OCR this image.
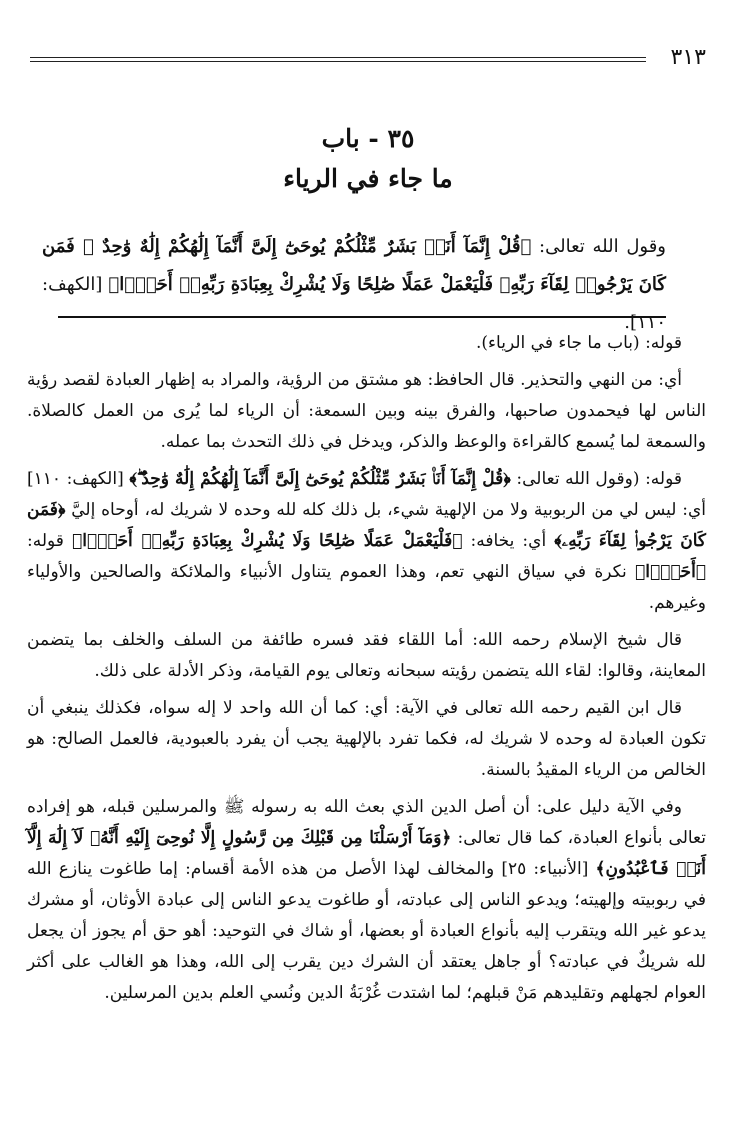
٣١٣
٣٥ - باب
ما جاء في الرياء
وقول الله تعالى: ﴿قُلْ إِنَّمَآ أَنَا۠ بَشَرٌ مِّثْلُكُمْ يُوحَىٰٓ إِلَىَّ أَنَّمَآ إِلَٰهُكُمْ إِلَٰهٌ وَٰحِدٌ ۖ فَمَن كَانَ يَرْجُوا۟ لِقَآءَ رَبِّهِۦ فَلْيَعْمَلْ عَمَلًا صَٰلِحًا وَلَا يُشْرِكْ بِعِبَادَةِ رَبِّهِۦٓ أَحَدًۢا﴾ [الكهف: ١١٠].

قوله: (باب ما جاء في الرياء).

أي: من النهي والتحذير. قال الحافظ: هو مشتق من الرؤية، والمراد به إظهار العبادة لقصد رؤية الناس لها فيحمدون صاحبها، والفرق بينه وبين السمعة: أن الرياء لما يُرى من العمل كالصلاة. والسمعة لما يُسمع كالقراءة والوعظ والذكر، ويدخل في ذلك التحدث بما عمله.

قوله: (وقول الله تعالى: ﴿قُلْ إِنَّمَآ أَنَا۠ بَشَرٌ مِّثْلُكُمْ يُوحَىٰٓ إِلَىَّ أَنَّمَآ إِلَٰهُكُمْ إِلَٰهٌ وَٰحِدٌ ۖ﴾ [الكهف: ١١٠] أي: ليس لي من الربوبية ولا من الإلهية شيء، بل ذلك كله لله وحده لا شريك له، أوحاه إليَّ ﴿فَمَن كَانَ يَرْجُوا۟ لِقَآءَ رَبِّهِۦ﴾ أي: يخافه: ﴿فَلْيَعْمَلْ عَمَلًا صَٰلِحًا وَلَا يُشْرِكْ بِعِبَادَةِ رَبِّهِۦٓ أَحَدًۢا﴾ قوله: ﴿أَحَدًۢا﴾ نكرة في سياق النهي تعم، وهذا العموم يتناول الأنبياء والملائكة والصالحين والأولياء وغيرهم.

قال شيخ الإسلام رحمه الله: أما اللقاء فقد فسره طائفة من السلف والخلف بما يتضمن المعاينة، وقالوا: لقاء الله يتضمن رؤيته سبحانه وتعالى يوم القيامة، وذكر الأدلة على ذلك.

قال ابن القيم رحمه الله تعالى في الآية: أي: كما أن الله واحد لا إله سواه، فكذلك ينبغي أن تكون العبادة له وحده لا شريك له، فكما تفرد بالإلهية يجب أن يفرد بالعبودية، فالعمل الصالح: هو الخالص من الرياء المقيدُ بالسنة.

وفي الآية دليل على: أن أصل الدين الذي بعث الله به رسوله ﷺ والمرسلين قبله، هو إفراده تعالى بأنواع العبادة، كما قال تعالى: ﴿وَمَآ أَرْسَلْنَا مِن قَبْلِكَ مِن رَّسُولٍ إِلَّا نُوحِىٓ إِلَيْهِ أَنَّهُۥ لَآ إِلَٰهَ إِلَّآ أَنَا۠ فَٱعْبُدُونِ﴾ [الأنبياء: ٢٥] والمخالف لهذا الأصل من هذه الأمة أقسام: إما طاغوت ينازع الله في ربوبيته وإلهيته؛ ويدعو الناس إلى عبادته، أو طاغوت يدعو الناس إلى عبادة الأوثان، أو مشرك يدعو غير الله ويتقرب إليه بأنواع العبادة أو بعضها، أو شاك في التوحيد: أهو حق أم يجوز أن يجعل لله شريكٌ في عبادته؟ أو جاهل يعتقد أن الشرك دين يقرب إلى الله، وهذا هو الغالب على أكثر العوام لجهلهم وتقليدهم مَنْ قبلهم؛ لما اشتدت غُرْبَةُ الدين ونُسي العلم بدين المرسلين.
